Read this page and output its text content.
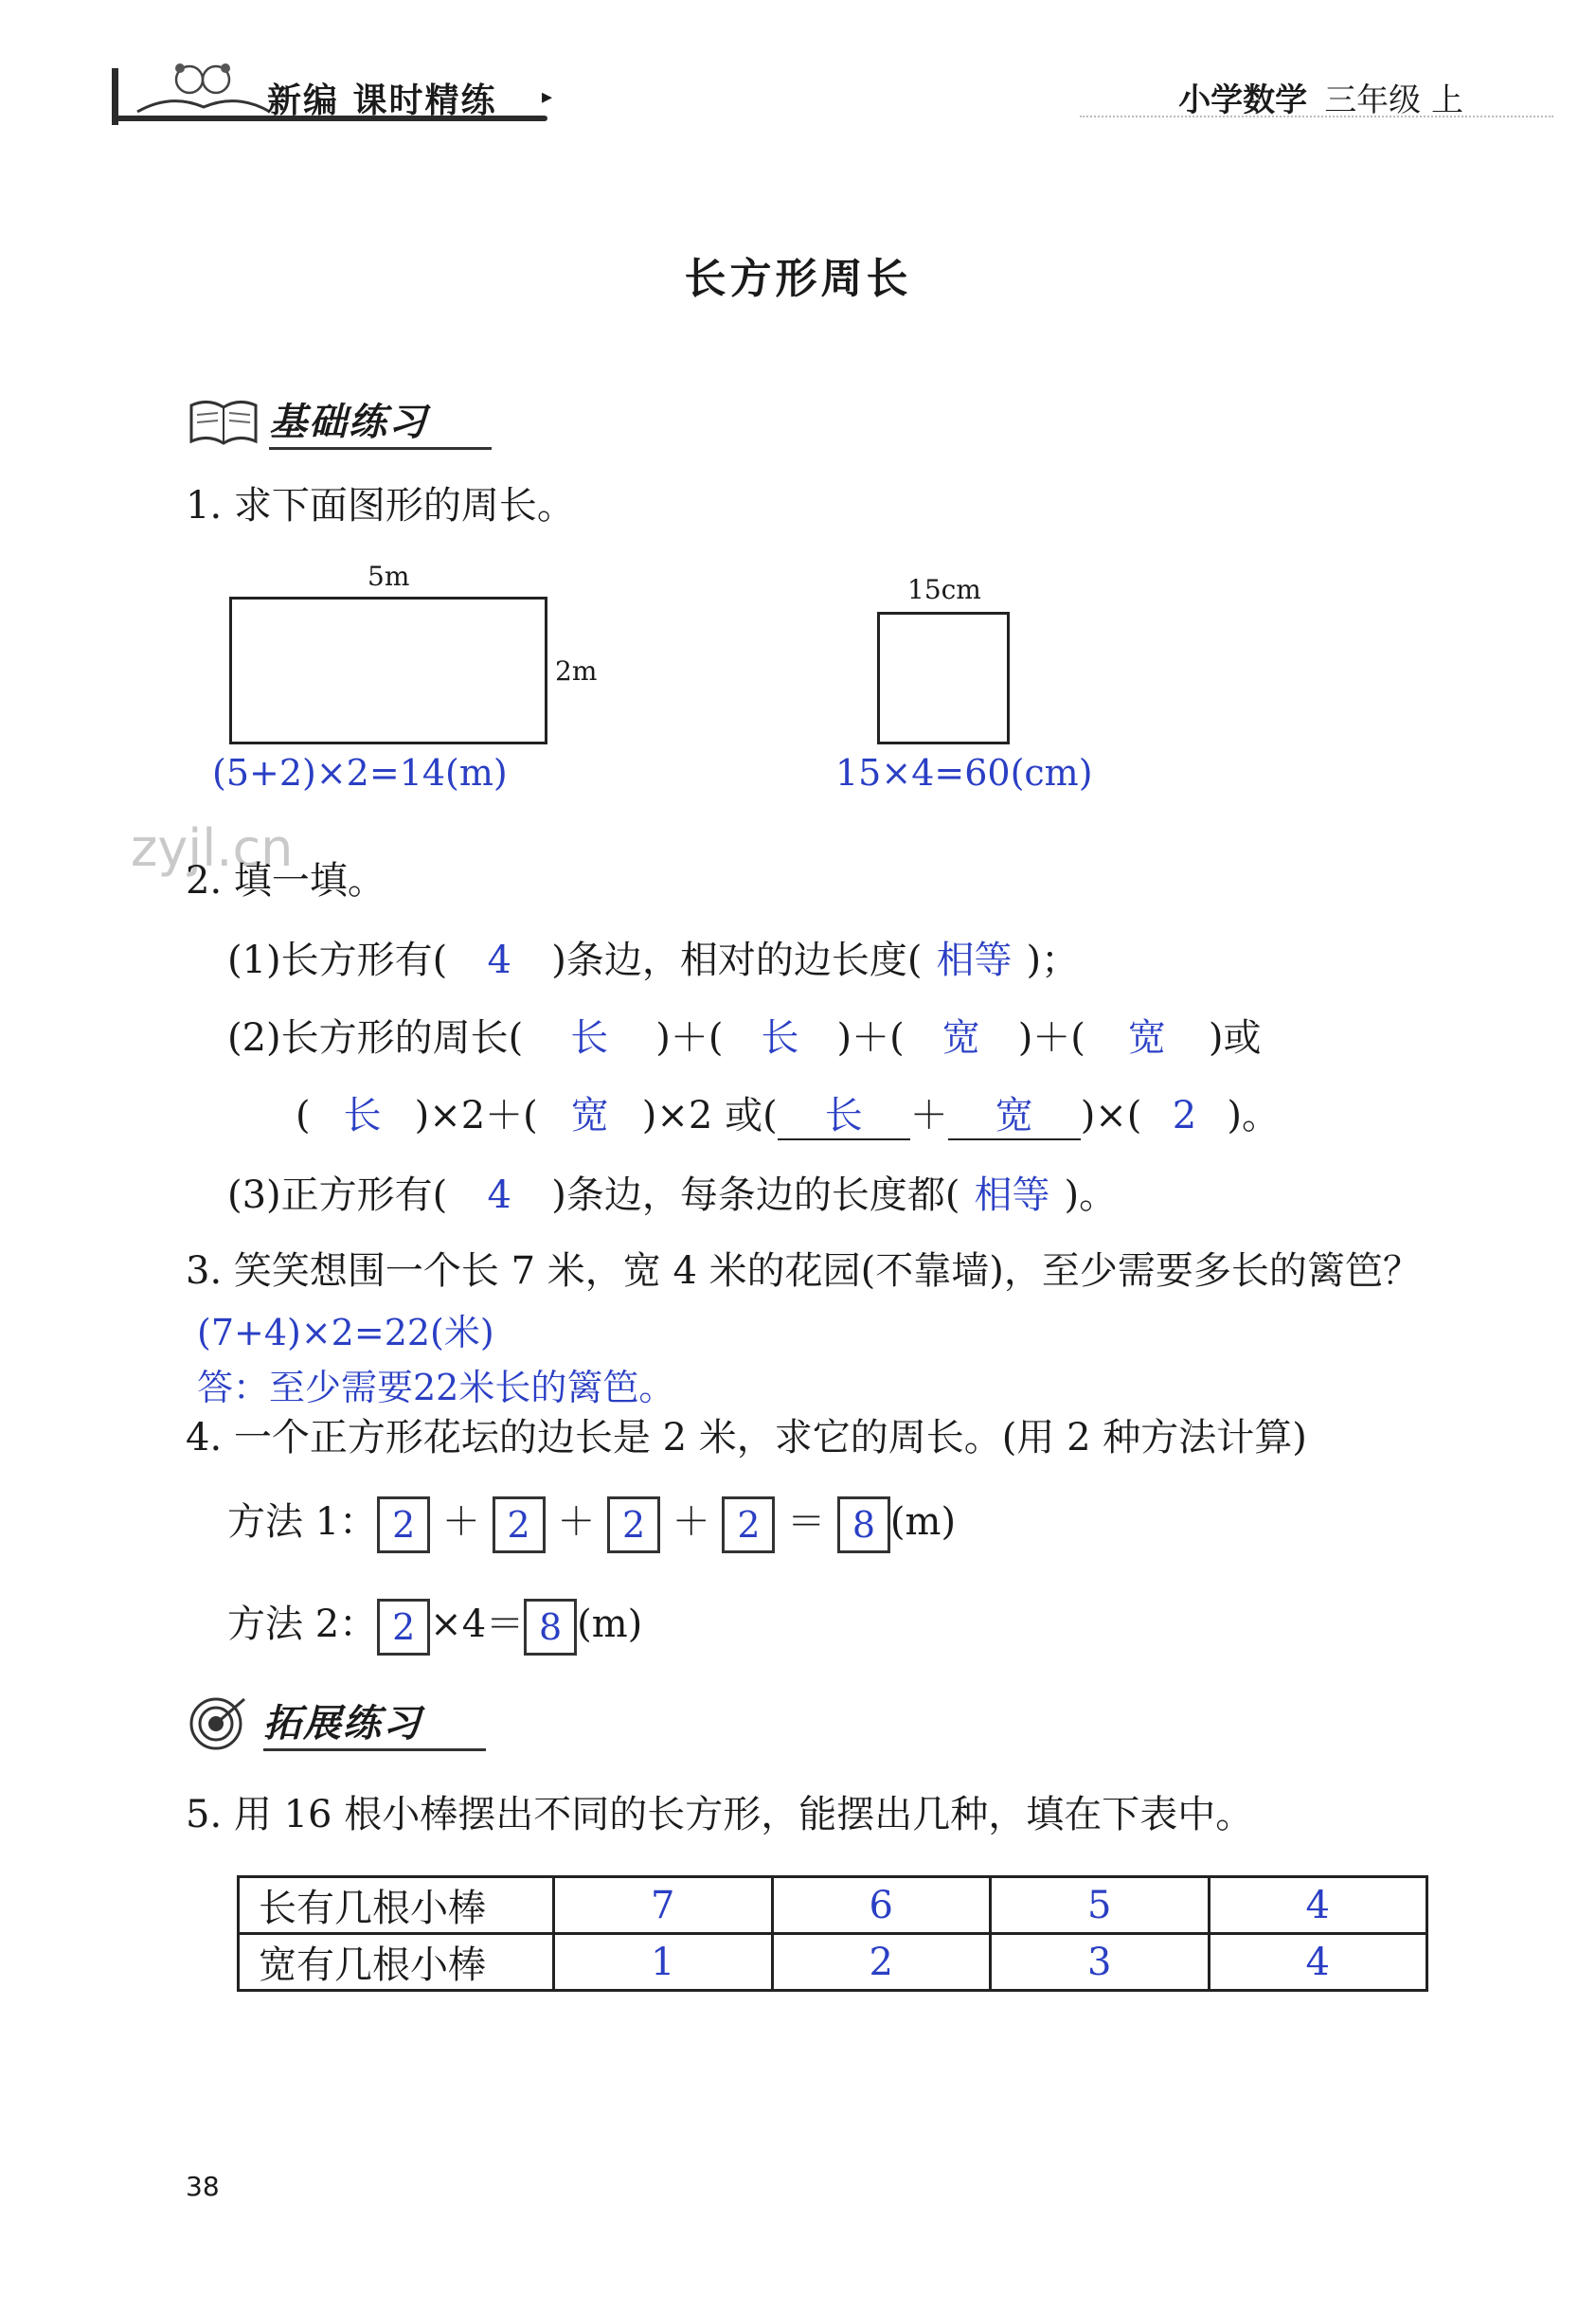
新编 课时精练 ▸	小学数学 三年级 上
长方形周长
基础练习
1. 求下面图形的周长。
5m
2m
15cm
(5+2)×2=14(m)	15×4=60(cm)
zyjl.cn
2. 填一填。
(1)长方形有( 4 )条边，相对的边长度( 相等 )；
(2)长方形的周长( 长 )＋( 长 )＋( 宽 )＋( 宽 )或
( 长 )×2＋( 宽 )×2 或( 长 ＋ 宽 )×( 2 )。
(3)正方形有( 4 )条边，每条边的长度都( 相等 )。
3. 笑笑想围一个长 7 米，宽 4 米的花园(不靠墙)，至少需要多长的篱笆？
(7+4)×2=22(米)
答：至少需要22米长的篱笆。
4. 一个正方形花坛的边长是 2 米，求它的周长。(用 2 种方法计算)
方法 1： 2 ＋ 2 ＋ 2 ＋ 2 ＝ 8 (m)
方法 2： 2 ×4＝ 8 (m)
拓展练习
5. 用 16 根小棒摆出不同的长方形，能摆出几种，填在下表中。
长有几根小棒	7	6	5	4
宽有几根小棒	1	2	3	4
38
